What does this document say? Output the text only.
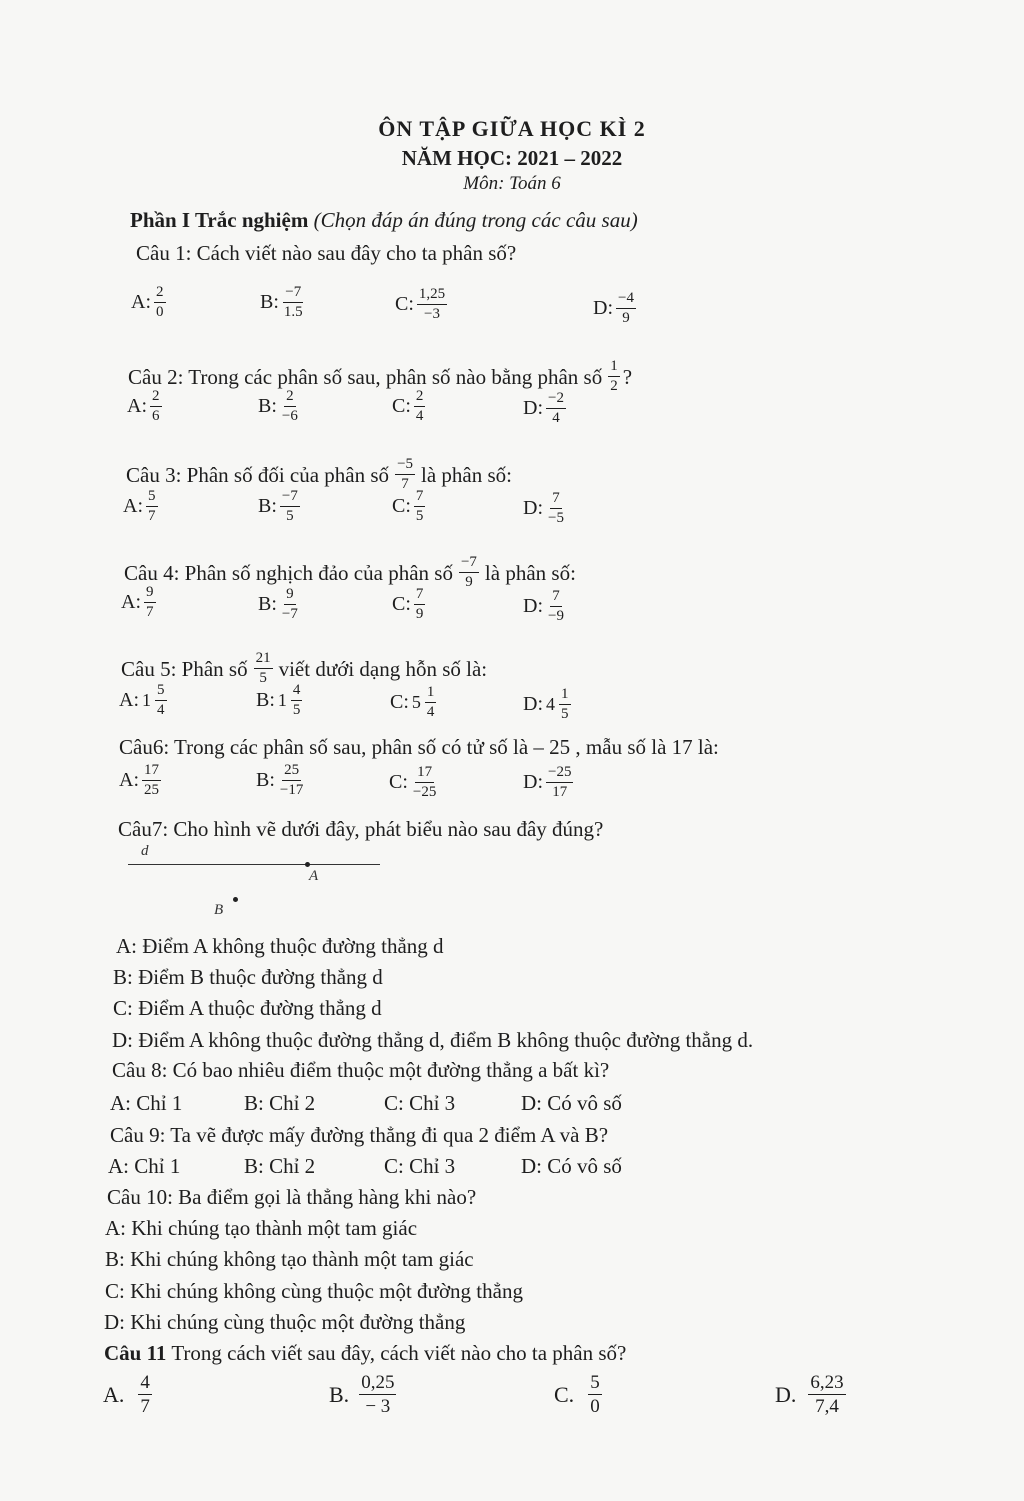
ÔN TẬP GIỮA HỌC KÌ 2
NĂM HỌC: 2021 – 2022
Môn: Toán 6
Phần I Trắc nghiệm (Chọn đáp án đúng trong các câu sau)
Câu 1: Cách viết nào sau đây cho ta phân số?
A: $\frac{2}{0}$	B: $\frac{-7}{1.5}$	C: $\frac{1,25}{-3}$	D: $\frac{-4}{9}$
Câu 2: Trong các phân số sau, phân số nào bằng phân số $\frac{1}{2}$ ?
A: $\frac{2}{6}$	B: $\frac{2}{-6}$	C: $\frac{2}{4}$	D: $\frac{-2}{4}$
Câu 3: Phân số đối của phân số $\frac{-5}{7}$ là phân số:
A: $\frac{5}{7}$	B: $\frac{-7}{5}$	C: $\frac{7}{5}$	D: $\frac{7}{-5}$
Câu 4: Phân số nghịch đảo của phân số $\frac{-7}{9}$ là phân số:
A: $\frac{9}{7}$	B: $\frac{9}{-7}$	C: $\frac{7}{9}$	D: $\frac{7}{-9}$
Câu 5: Phân số $\frac{21}{5}$ viết dưới dạng hỗn số là:
A: $1 \frac{5}{4}$	B: $1 \frac{4}{5}$	C: $5 \frac{1}{4}$	D: $4 \frac{1}{5}$
Câu6: Trong các phân số sau, phân số có tử số là – 25 , mẫu số là 17 là:
A: $\frac{17}{25}$	B: $\frac{25}{-17}$	C: $\frac{17}{-25}$	D: $\frac{-25}{17}$
Câu7: Cho hình vẽ dưới đây, phát biểu nào sau đây đúng?
d
A
B
A: Điểm A không thuộc đường thẳng d
B: Điểm B thuộc đường thẳng d
C: Điểm A thuộc đường thẳng d
D: Điểm A không thuộc đường thẳng d, điểm B không thuộc đường thẳng d.
Câu 8: Có bao nhiêu điểm thuộc một đường thẳng a bất kì?
A: Chỉ 1	B: Chỉ 2	C: Chỉ 3	D: Có vô số
Câu 9: Ta vẽ được mấy đường thẳng đi qua 2 điểm A và B?
A: Chỉ 1	B: Chỉ 2	C: Chỉ 3	D: Có vô số
Câu 10: Ba điểm gọi là thẳng hàng khi nào?
A: Khi chúng tạo thành một tam giác
B: Khi chúng không tạo thành một tam giác
C: Khi chúng không cùng thuộc một đường thẳng
D: Khi chúng cùng thuộc một đường thẳng
Câu 11 Trong cách viết sau đây, cách viết nào cho ta phân số?
A. $\frac{4}{7}$	B. $\frac{0,25}{- 3}$	C. $\frac{5}{0}$	D. $\frac{6,23}{7,4}$
